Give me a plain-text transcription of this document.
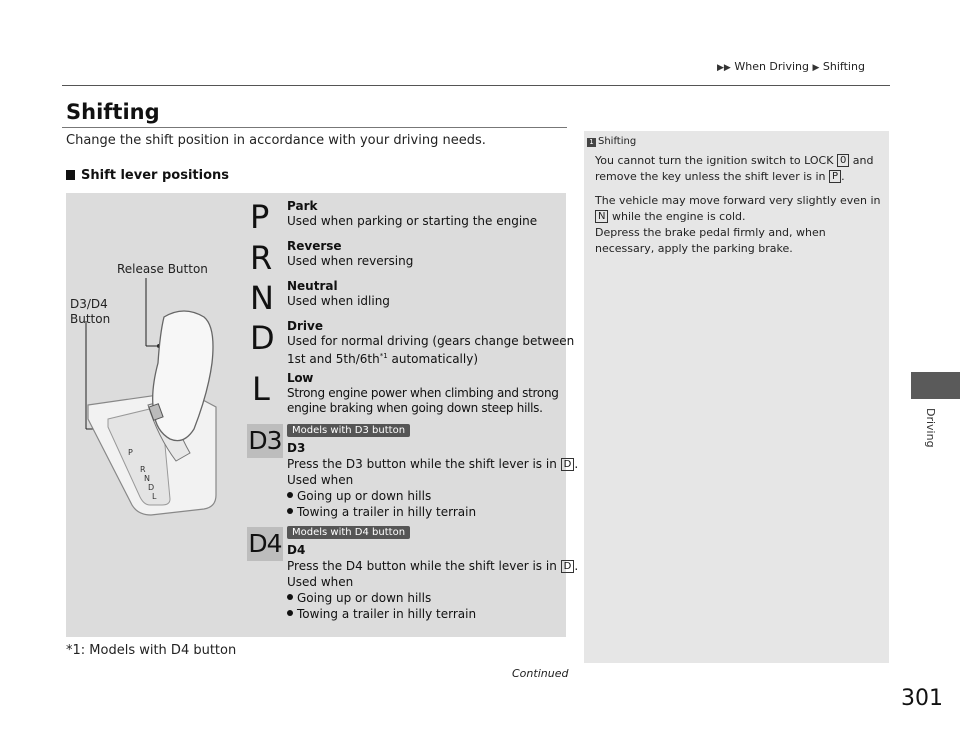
▶▶ When Driving ▶ Shifting
Shifting
Change the shift position in accordance with your driving needs.
Shift lever positions
Release Button
D3/D4
Button
P
R
N
D
L
P
R
N
D
L
D3
D4
Park
Used when parking or starting the engine
Reverse
Used when reversing
Neutral
Used when idling
Drive
Used for normal driving (gears change between
1st and $5th/6th^{*1}$ automatically)
Low
Strong engine power when climbing and strong
engine braking when going down steep hills.
Models with D3 button
D3
Press the D3 button while the shift lever is in D .
Used when
Going up or down hills
Towing a trailer in hilly terrain
Models with D4 button
D4
Press the D4 button while the shift lever is in D .
Used when
Going up or down hills
Towing a trailer in hilly terrain
*1: Models with D4 button
Continued
1 Shifting

You cannot turn the ignition switch to LOCK 0 and remove the key unless the shift lever is in P .

The vehicle may move forward very slightly even in N while the engine is cold.

Depress the brake pedal firmly and, when necessary, apply the parking brake.

Driving
301
